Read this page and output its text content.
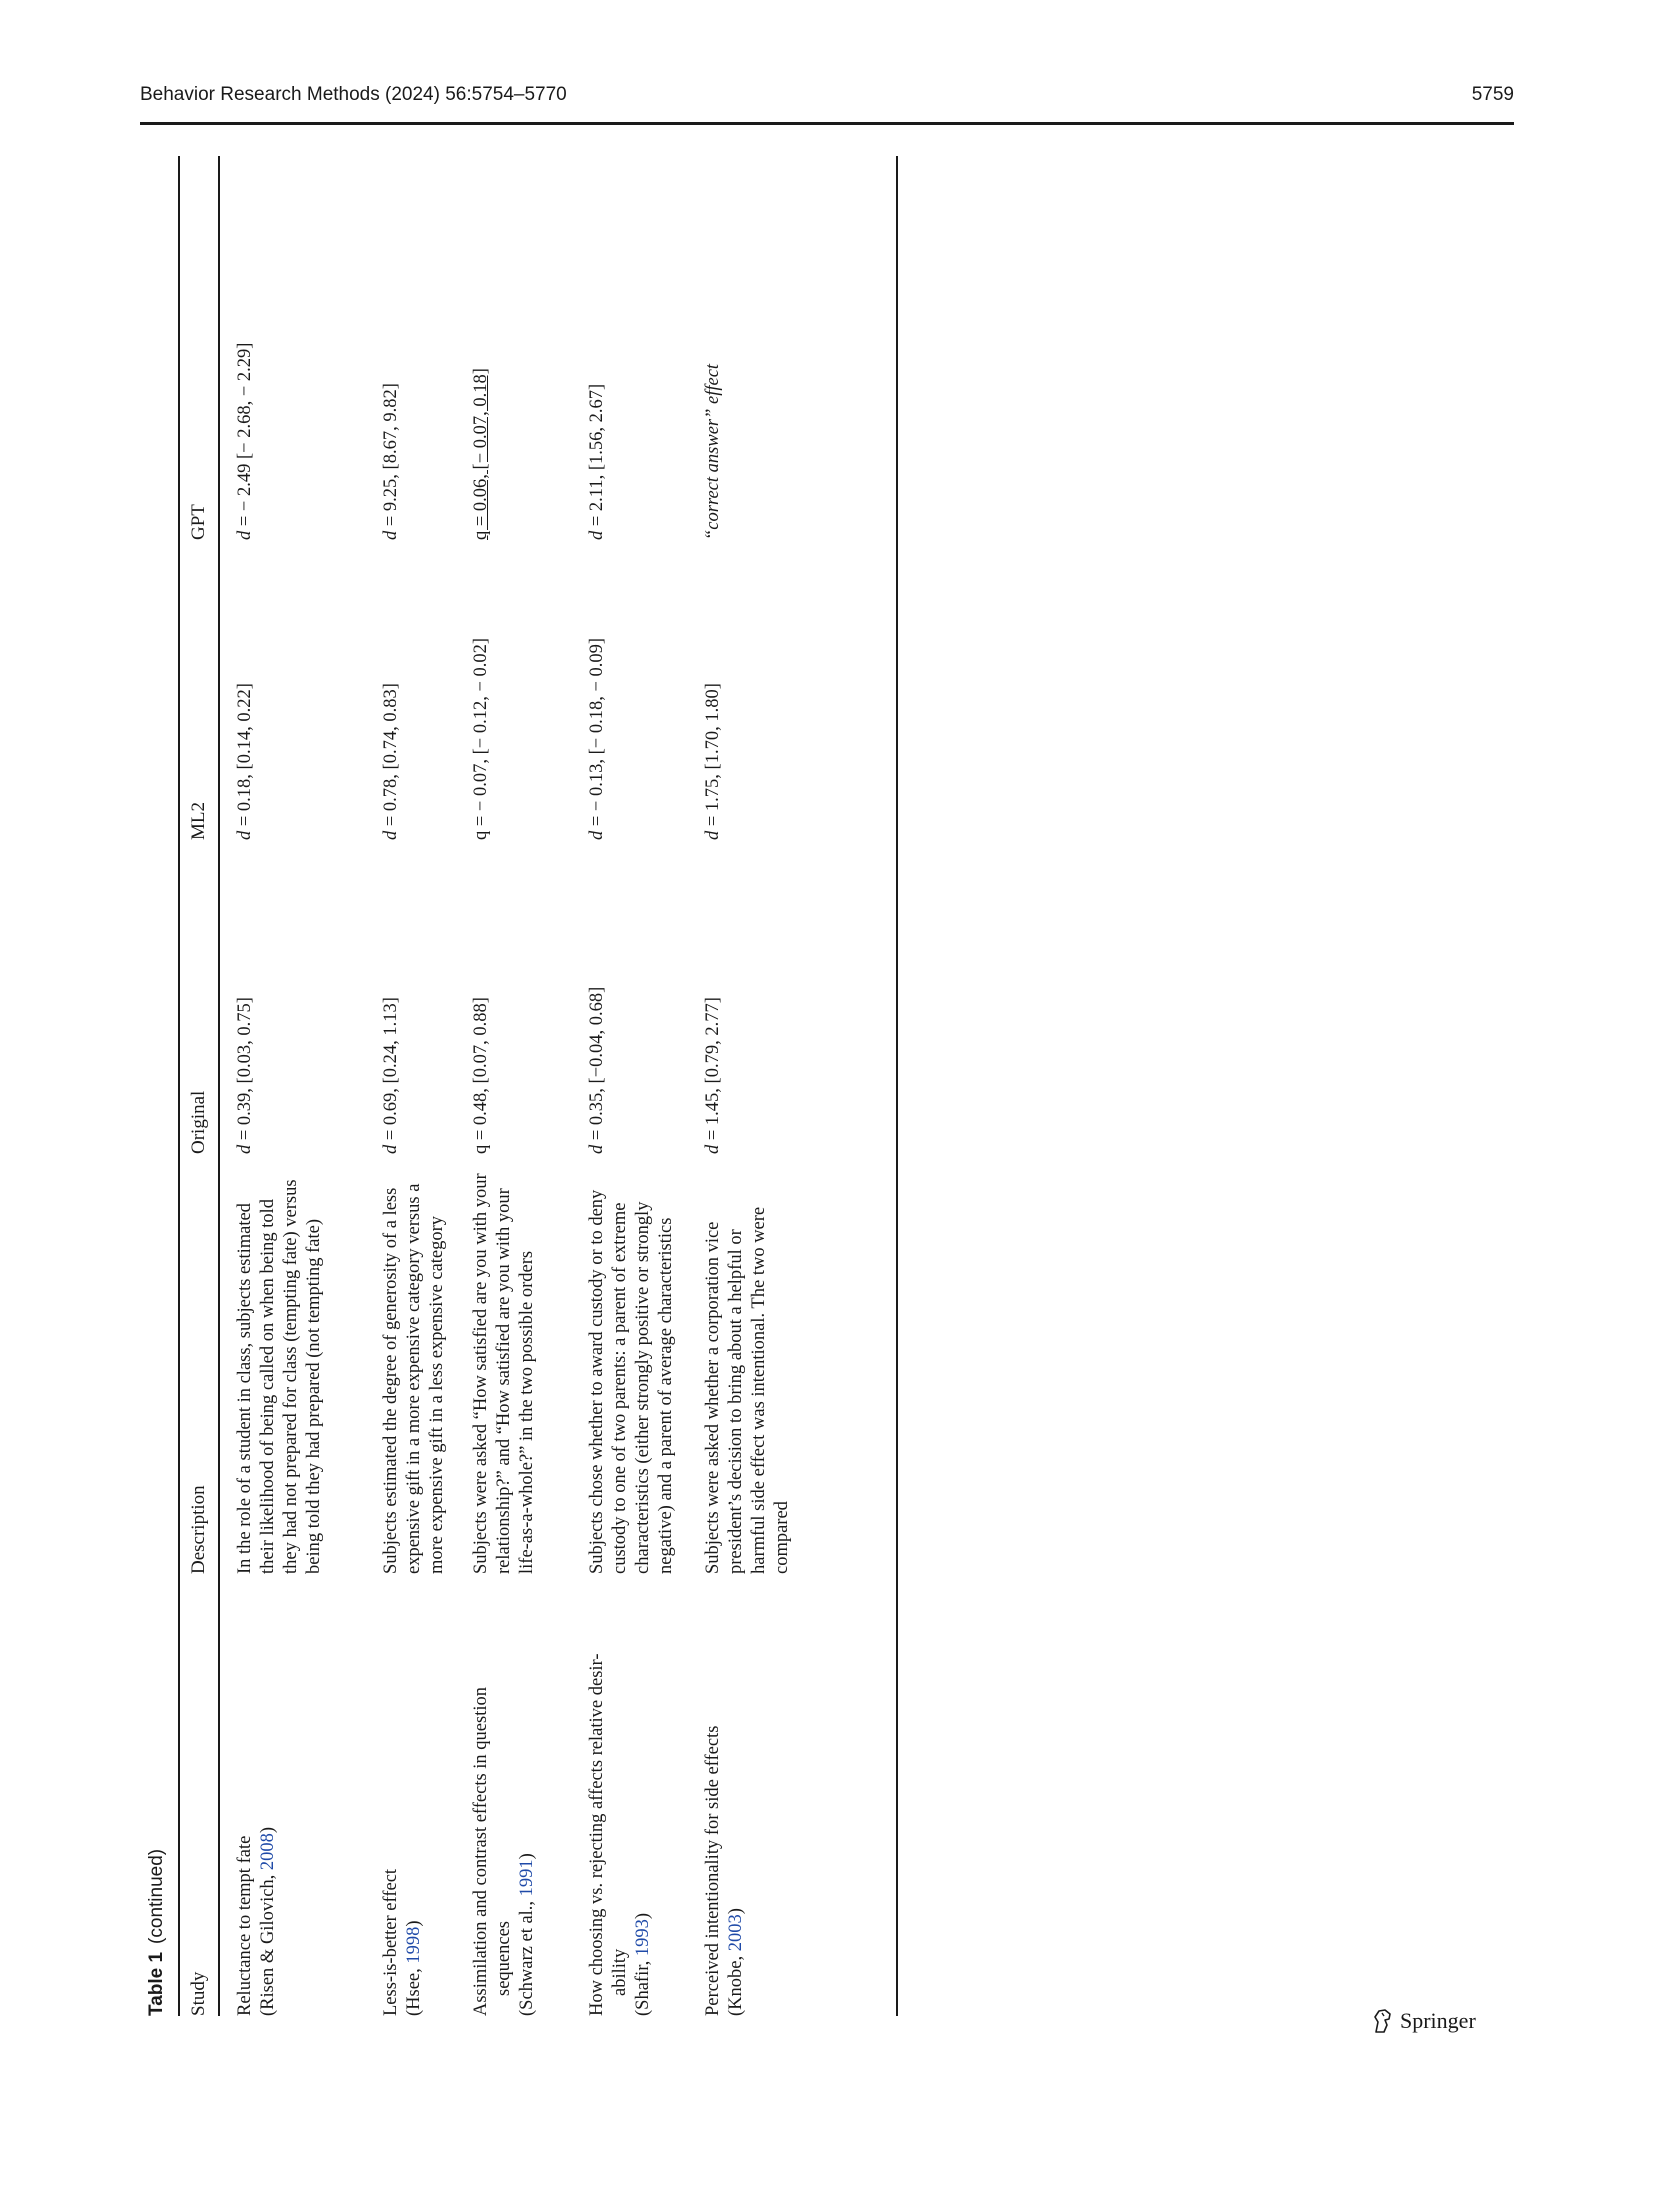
Behavior Research Methods (2024) 56:5754–5770	5759
Table 1
(continued)
Study
Description
Original
ML2
GPT
Reluctance to tempt fate (Risen & Gilovich, 2008)
In the role of a student in class, subjects estimated their likelihood of being called on when being told they had not prepared for class (tempting fate) versus being told they had prepared (not tempting fate)
d = 0.39, [0.03, 0.75]
d = 0.18, [0.14, 0.22]
d = − 2.49 [− 2.68, − 2.29]
Less-is-better effect (Hsee, 1998)
Subjects estimated the degree of generosity of a less expensive gift in a more expensive category versus a more expensive gift in a less expensive category
d = 0.69, [0.24, 1.13]
d = 0.78, [0.74, 0.83]
d = 9.25, [8.67, 9.82]
Assimilation and contrast effects in question sequences (Schwarz et al., 1991)
Subjects were asked “How satisfied are you with your relationship?” and “How satisfied are you with your life-as-a-whole?” in the two possible orders
q = 0.48, [0.07, 0.88]
q = − 0.07, [− 0.12, − 0.02]
q = 0.06, [− 0.07, 0.18]
How choosing vs. rejecting affects relative desir- ability (Shafir, 1993)
Subjects chose whether to award custody or to deny custody to one of two parents: a parent of extreme characteristics (either strongly positive or strongly negative) and a parent of average characteristics
d = 0.35, [−0.04, 0.68]
d = − 0.13, [− 0.18, − 0.09]
d = 2.11, [1.56, 2.67]
Perceived intentionality for side effects (Knobe, 2003)
Subjects were asked whether a corporation vice president’s decision to bring about a helpful or harmful side effect was intentional. The two were compared
d = 1.45, [0.79, 2.77]
d = 1.75, [1.70, 1.80]
“correct answer” effect
Springer
